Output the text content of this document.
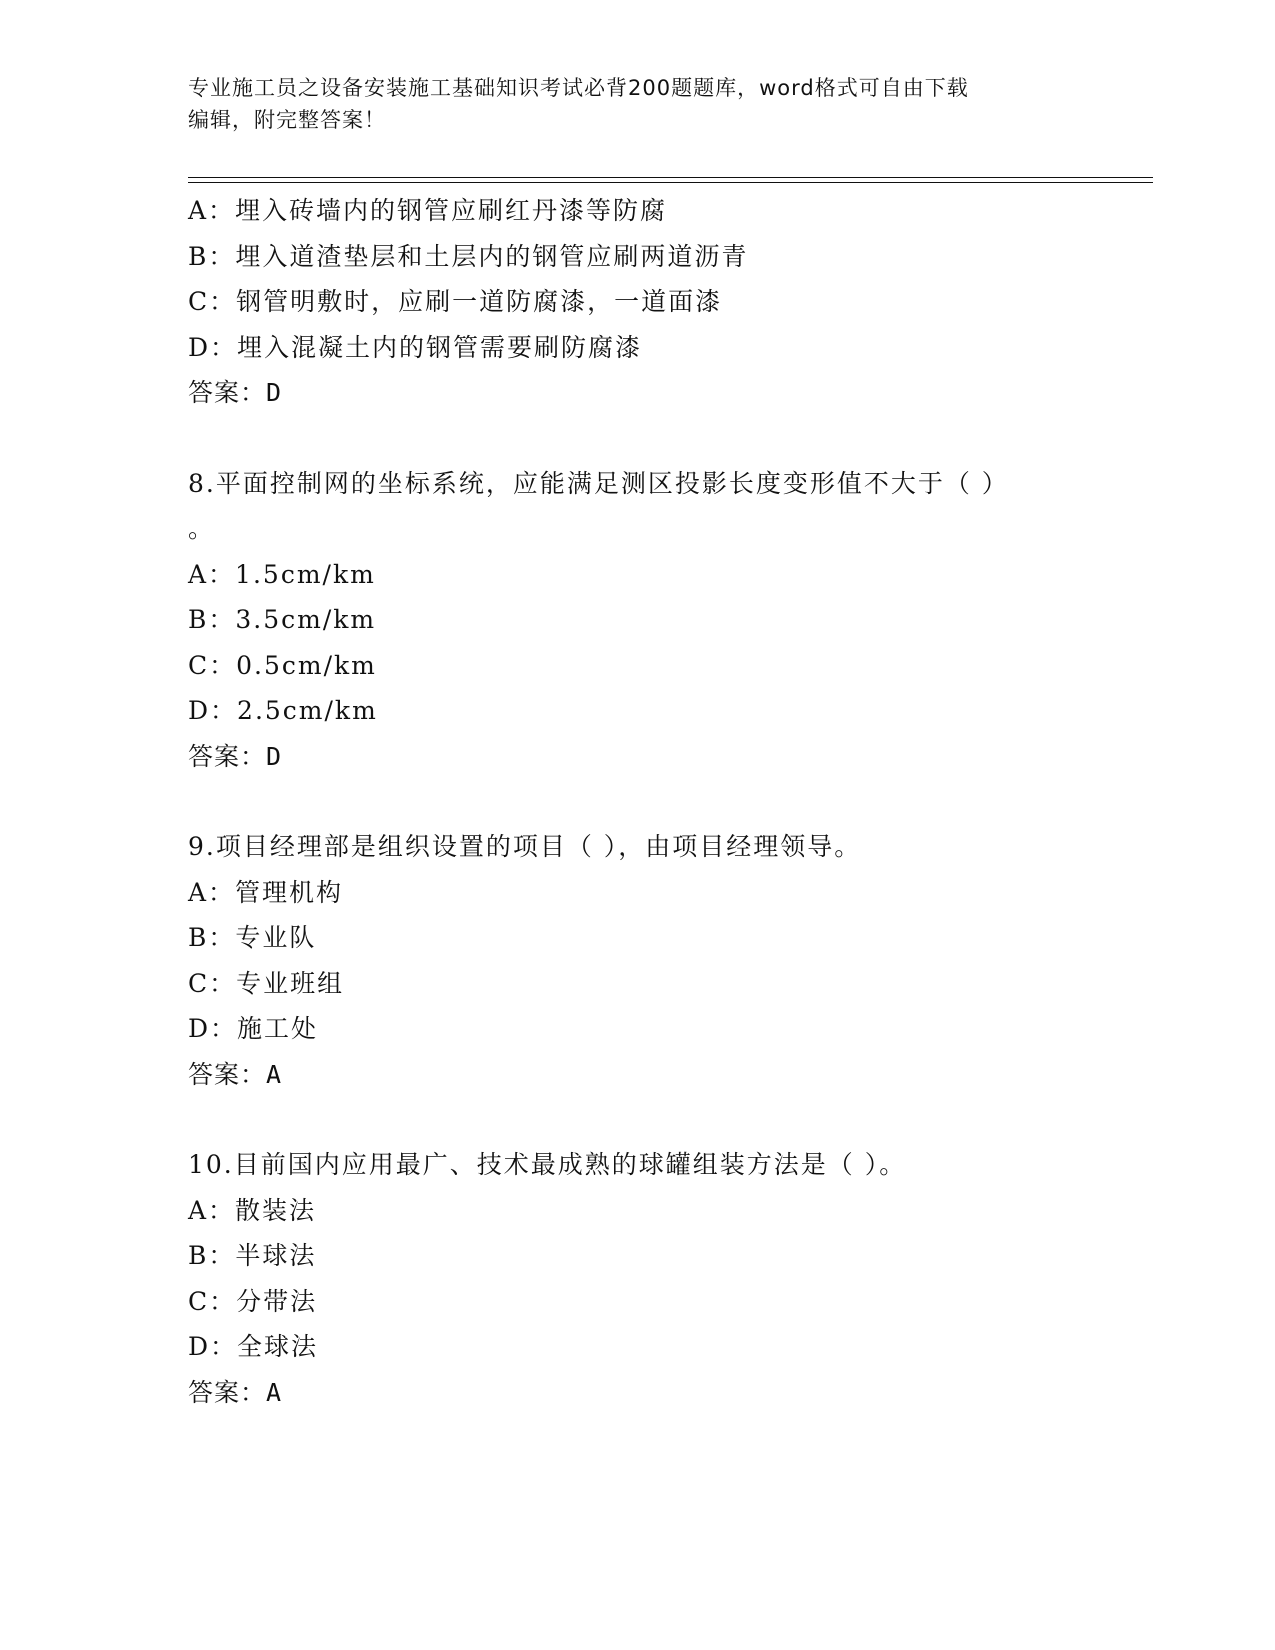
专业施工员之设备安装施工基础知识考试必背200题题库，word格式可自由下载
编辑，附完整答案！
A：埋入砖墙内的钢管应刷红丹漆等防腐
B：埋入道渣垫层和土层内的钢管应刷两道沥青
C：钢管明敷时，应刷一道防腐漆，一道面漆
D：埋入混凝土内的钢管需要刷防腐漆
答案：D
8.平面控制网的坐标系统，应能满足测区投影长度变形值不大于（ ）
。
A：1.5cm/km
B：3.5cm/km
C：0.5cm/km
D：2.5cm/km
答案：D
9.项目经理部是组织设置的项目（ ），由项目经理领导。
A：管理机构
B：专业队
C：专业班组
D：施工处
答案：A
10.目前国内应用最广、技术最成熟的球罐组装方法是（ ）。
A：散装法
B：半球法
C：分带法
D：全球法
答案：A
